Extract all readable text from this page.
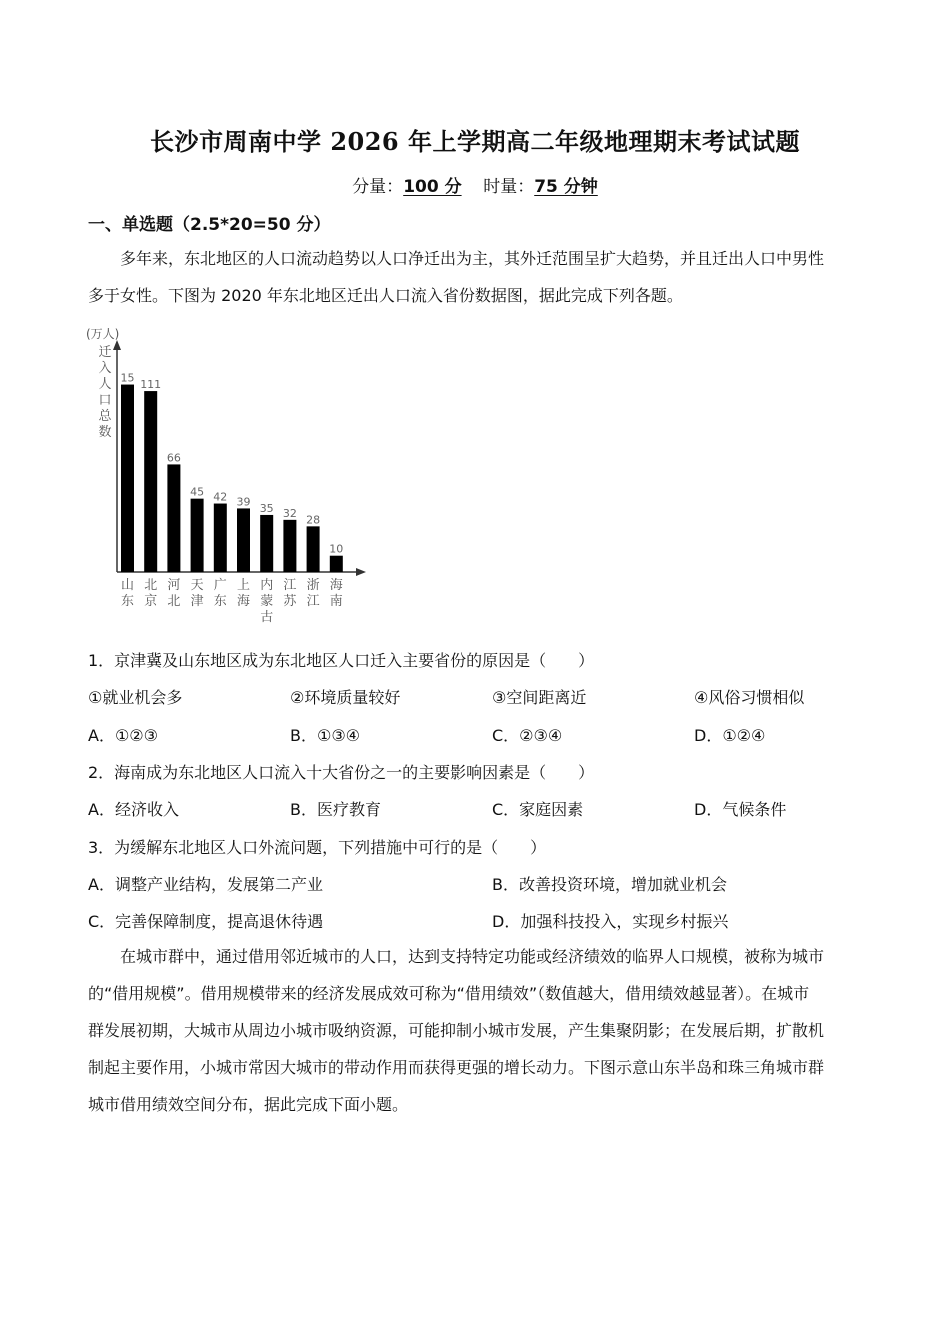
长沙市周南中学 2026 年上学期高二年级地理期末考试试题
分量：100 分 时量：75 分钟
一、单选题（2.5*20=50 分）
多年来，东北地区的人口流动趋势以人口净迁出为主，其外迁范围呈扩大趋势，并且迁出人口中男性
多于女性。下图为 2020 年东北地区迁出人口流入省份数据图，据此完成下列各题。
(万人)
迁入人口总数
15
山东
111
北京
66
河北
45
天津
42
广东
39
上海
35
内蒙古
32
江苏
28
浙江
10
海南
1．京津冀及山东地区成为东北地区人口迁入主要省份的原因是（　　）
①就业机会多	②环境质量较好	③空间距离近	④风俗习惯相似
A．①②③	B．①③④	C．②③④	D．①②④
2．海南成为东北地区人口流入十大省份之一的主要影响因素是（　　）
A．经济收入	B．医疗教育	C．家庭因素	D．气候条件
3．为缓解东北地区人口外流问题，下列措施中可行的是（　　）
A．调整产业结构，发展第二产业	B．改善投资环境，增加就业机会
C．完善保障制度，提高退休待遇	D．加强科技投入，实现乡村振兴
在城市群中，通过借用邻近城市的人口，达到支持特定功能或经济绩效的临界人口规模，被称为城市
的“借用规模”。借用规模带来的经济发展成效可称为“借用绩效”（数值越大，借用绩效越显著）。在城市
群发展初期，大城市从周边小城市吸纳资源，可能抑制小城市发展，产生集聚阴影；在发展后期，扩散机
制起主要作用，小城市常因大城市的带动作用而获得更强的增长动力。下图示意山东半岛和珠三角城市群
城市借用绩效空间分布，据此完成下面小题。
